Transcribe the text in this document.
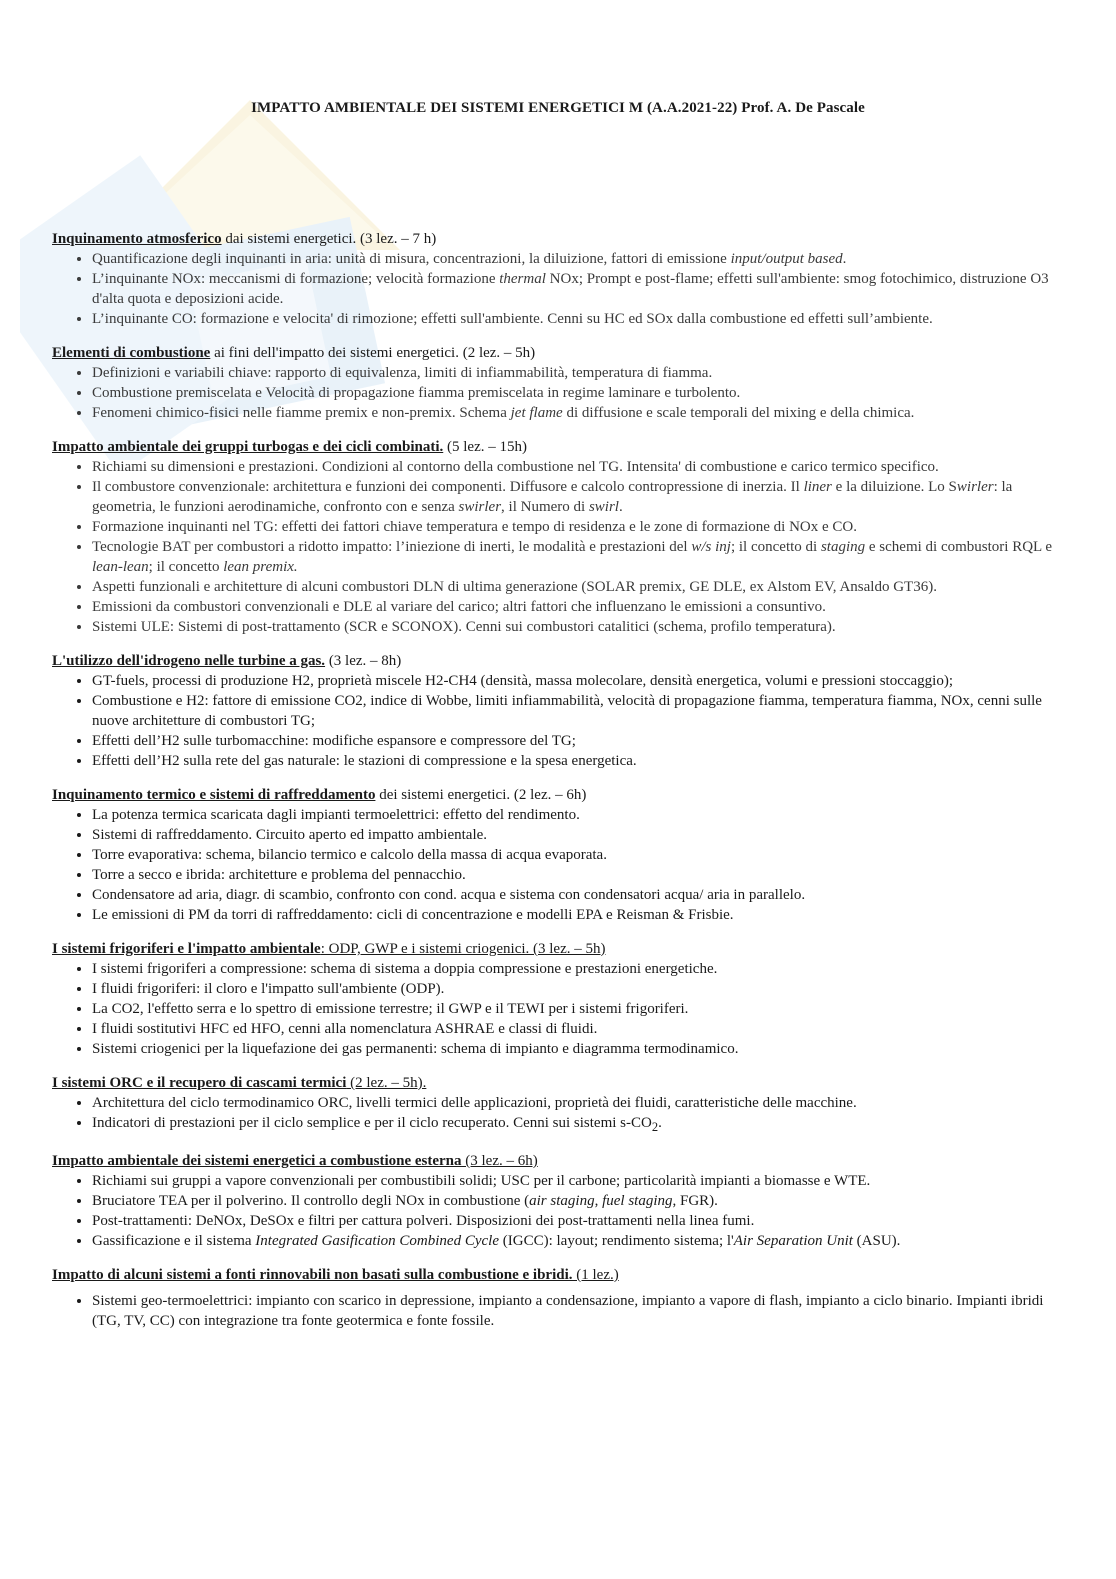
IMPATTO AMBIENTALE DEI SISTEMI ENERGETICI M (A.A.2021-22) Prof. A. De Pascale
Inquinamento atmosferico dai sistemi energetici. (3 lez. – 7 h)
• Quantificazione degli inquinanti in aria: unità di misura, concentrazioni, la diluizione, fattori di emissione input/output based.
• L’inquinante NOx: meccanismi di formazione; velocità formazione thermal NOx; Prompt e post-flame; effetti sull'ambiente: smog fotochimico, distruzione O3 d'alta quota e deposizioni acide.
• L’inquinante CO: formazione e velocita' di rimozione; effetti sull'ambiente. Cenni su HC ed SOx dalla combustione ed effetti sull’ambiente.
Elementi di combustione ai fini dell'impatto dei sistemi energetici. (2 lez. – 5h)
• Definizioni e variabili chiave: rapporto di equivalenza, limiti di infiammabilità, temperatura di fiamma.
• Combustione premiscelata e Velocità di propagazione fiamma premiscelata in regime laminare e turbolento.
• Fenomeni chimico-fisici nelle fiamme premix e non-premix. Schema jet flame di diffusione e scale temporali del mixing e della chimica.
Impatto ambientale dei gruppi turbogas e dei cicli combinati. (5 lez. – 15h)
• Richiami su dimensioni e prestazioni. Condizioni al contorno della combustione nel TG. Intensita' di combustione e carico termico specifico.
• Il combustore convenzionale: architettura e funzioni dei componenti. Diffusore e calcolo contropressione di inerzia. Il liner e la diluizione. Lo Swirler: la geometria, le funzioni aerodinamiche, confronto con e senza swirler, il Numero di swirl.
• Formazione inquinanti nel TG: effetti dei fattori chiave temperatura e tempo di residenza e le zone di formazione di NOx e CO.
• Tecnologie BAT per combustori a ridotto impatto: l’iniezione di inerti, le modalità e prestazioni del w/s inj; il concetto di staging e schemi di combustori RQL e lean-lean; il concetto lean premix.
• Aspetti funzionali e architetture di alcuni combustori DLN di ultima generazione (SOLAR premix, GE DLE, ex Alstom EV, Ansaldo GT36).
• Emissioni da combustori convenzionali e DLE al variare del carico; altri fattori che influenzano le emissioni a consuntivo.
• Sistemi ULE: Sistemi di post-trattamento (SCR e SCONOX). Cenni sui combustori catalitici (schema, profilo temperatura).
L'utilizzo dell'idrogeno nelle turbine a gas. (3 lez. – 8h)
• GT-fuels, processi di produzione H2, proprietà miscele H2-CH4 (densità, massa molecolare, densità energetica, volumi e pressioni stoccaggio);
• Combustione e H2: fattore di emissione CO2, indice di Wobbe, limiti infiammabilità, velocità di propagazione fiamma, temperatura fiamma, NOx, cenni sulle nuove architetture di combustori TG;
• Effetti dell’H2 sulle turbomacchine: modifiche espansore e compressore del TG;
• Effetti dell’H2 sulla rete del gas naturale: le stazioni di compressione e la spesa energetica.
Inquinamento termico e sistemi di raffreddamento dei sistemi energetici. (2 lez. – 6h)
• La potenza termica scaricata dagli impianti termoelettrici: effetto del rendimento.
• Sistemi di raffreddamento. Circuito aperto ed impatto ambientale.
• Torre evaporativa: schema, bilancio termico e calcolo della massa di acqua evaporata.
• Torre a secco e ibrida: architetture e problema del pennacchio.
• Condensatore ad aria, diagr. di scambio, confronto con cond. acqua e sistema con condensatori acqua/ aria in parallelo.
• Le emissioni di PM da torri di raffreddamento: cicli di concentrazione e modelli EPA e Reisman & Frisbie.
I sistemi frigoriferi e l'impatto ambientale: ODP, GWP e i sistemi criogenici. (3 lez. – 5h)
• I sistemi frigoriferi a compressione: schema di sistema a doppia compressione e prestazioni energetiche.
• I fluidi frigoriferi: il cloro e l'impatto sull'ambiente (ODP).
• La CO2, l'effetto serra e lo spettro di emissione terrestre; il GWP e il TEWI per i sistemi frigoriferi.
• I fluidi sostitutivi HFC ed HFO, cenni alla nomenclatura ASHRAE e classi di fluidi.
• Sistemi criogenici per la liquefazione dei gas permanenti: schema di impianto e diagramma termodinamico.
I sistemi ORC e il recupero di cascami termici (2 lez. – 5h).
• Architettura del ciclo termodinamico ORC, livelli termici delle applicazioni, proprietà dei fluidi, caratteristiche delle macchine.
• Indicatori di prestazioni per il ciclo semplice e per il ciclo recuperato. Cenni sui sistemi $s-CO_2$.
Impatto ambientale dei sistemi energetici a combustione esterna (3 lez. – 6h)
• Richiami sui gruppi a vapore convenzionali per combustibili solidi; USC per il carbone; particolarità impianti a biomasse e WTE.
• Bruciatore TEA per il polverino. Il controllo degli NOx in combustione (air staging, fuel staging, FGR).
• Post-trattamenti: DeNOx, DeSOx e filtri per cattura polveri. Disposizioni dei post-trattamenti nella linea fumi.
• Gassificazione e il sistema Integrated Gasification Combined Cycle (IGCC): layout; rendimento sistema; l'Air Separation Unit (ASU).
Impatto di alcuni sistemi a fonti rinnovabili non basati sulla combustione e ibridi. (1 lez.)
• Sistemi geo-termoelettrici: impianto con scarico in depressione, impianto a condensazione, impianto a vapore di flash, impianto a ciclo binario. Impianti ibridi (TG, TV, CC) con integrazione tra fonte geotermica e fonte fossile.
